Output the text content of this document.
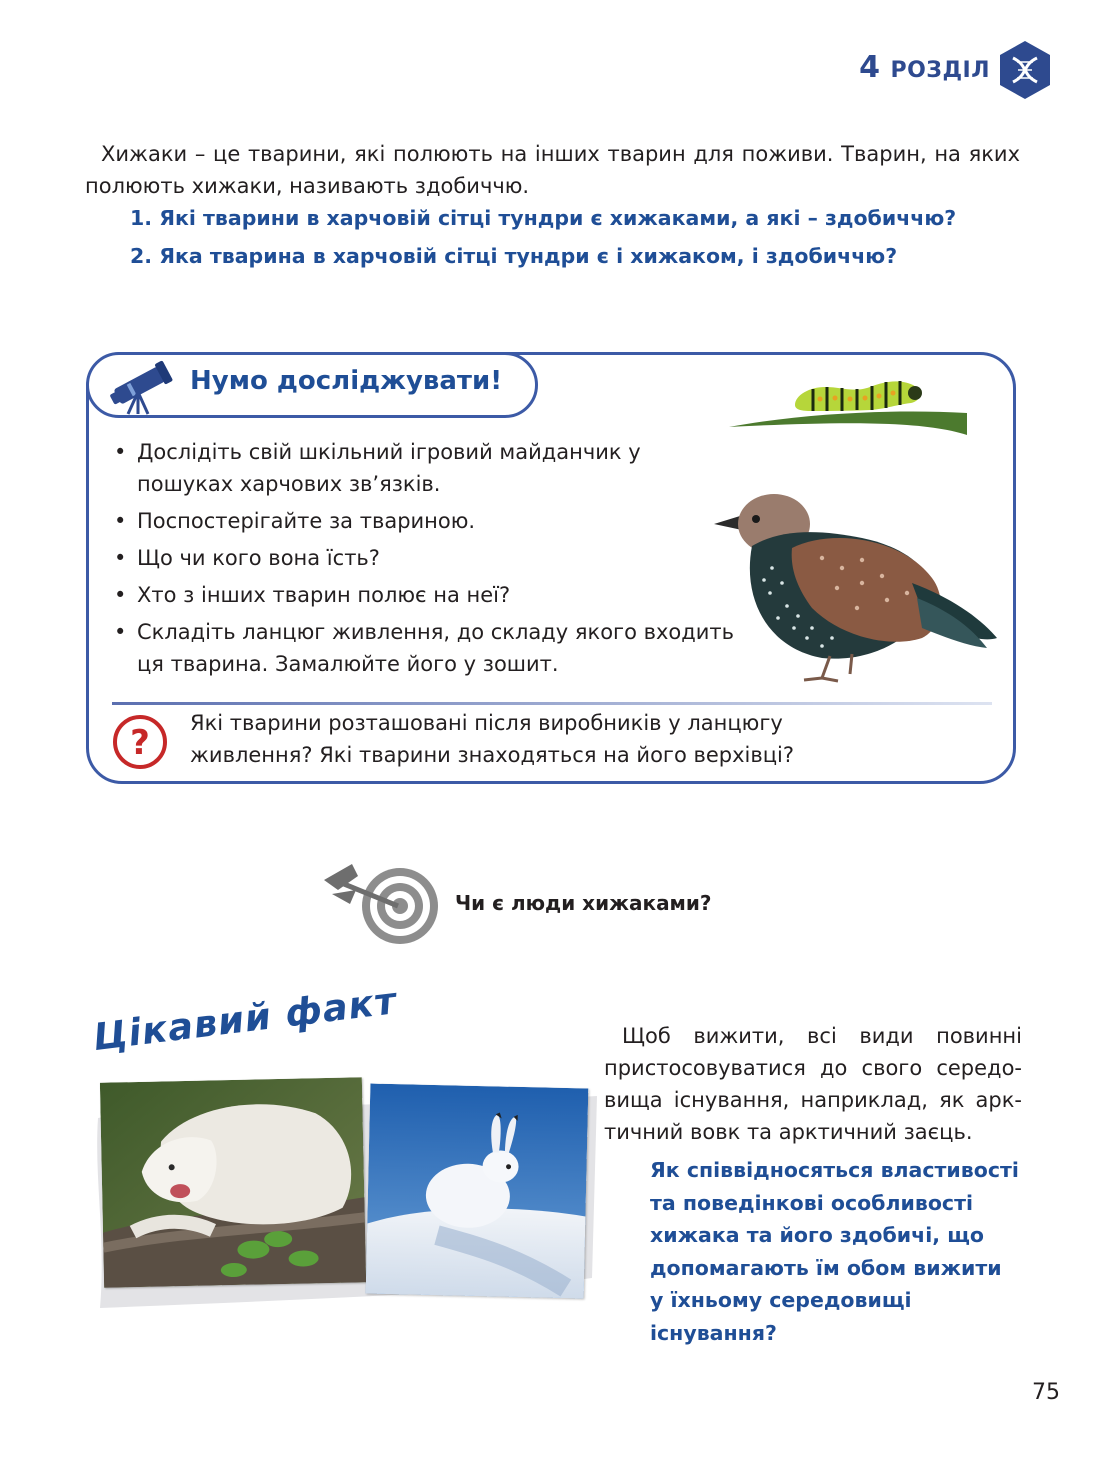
4 РОЗДІЛ
Хижаки – це тварини, які полюють на інших тварин для поживи. Тварин, на яких полюють хижаки, називають здобиччю.
1. Які тварини в харчовій сітці тундри є хижаками, а які – здобиччю?
2. Яка тварина в харчовій сітці тундри є і хижаком, і здобиччю?
Нумо досліджувати!
• Дослідіть свій шкільний ігровий майданчик у пошуках харчових зв’язків.
• Поспостерігайте за твариною.
• Що чи кого вона їсть?
• Хто з інших тварин полює на неї?
• Складіть ланцюг живлення, до складу якого входить ця тварина. Замалюйте його у зошит.
? Які тварини розташовані після виробників у ланцюгу живлення? Які тварини знаходяться на його верхівці?
Чи є люди хижаками?
Цікавий факт	Щоб вижити, всі види повинні пристосовуватися до свого середо-вища існування, наприклад, як арк-тичний вовк та арктичний заєць.
Як співвідносяться властивості та поведінкові особливості хижака та його здобичі, що допомагають їм обом вижити у їхньому середовищі існування?
75
